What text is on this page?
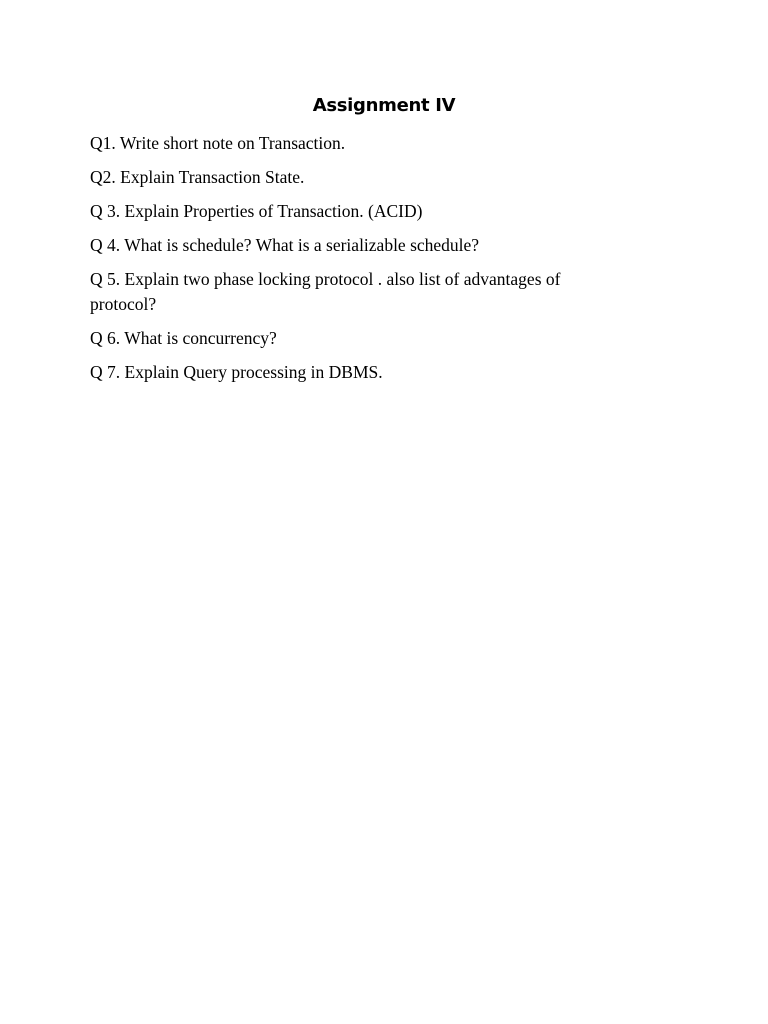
Assignment IV
Q1. Write short note on Transaction.
Q2. Explain Transaction State.
Q 3. Explain Properties of Transaction. (ACID)
Q 4. What is schedule? What is a serializable schedule?
Q 5. Explain two phase locking protocol . also list of advantages of protocol?
Q 6. What is concurrency?
Q 7. Explain Query processing in DBMS.
